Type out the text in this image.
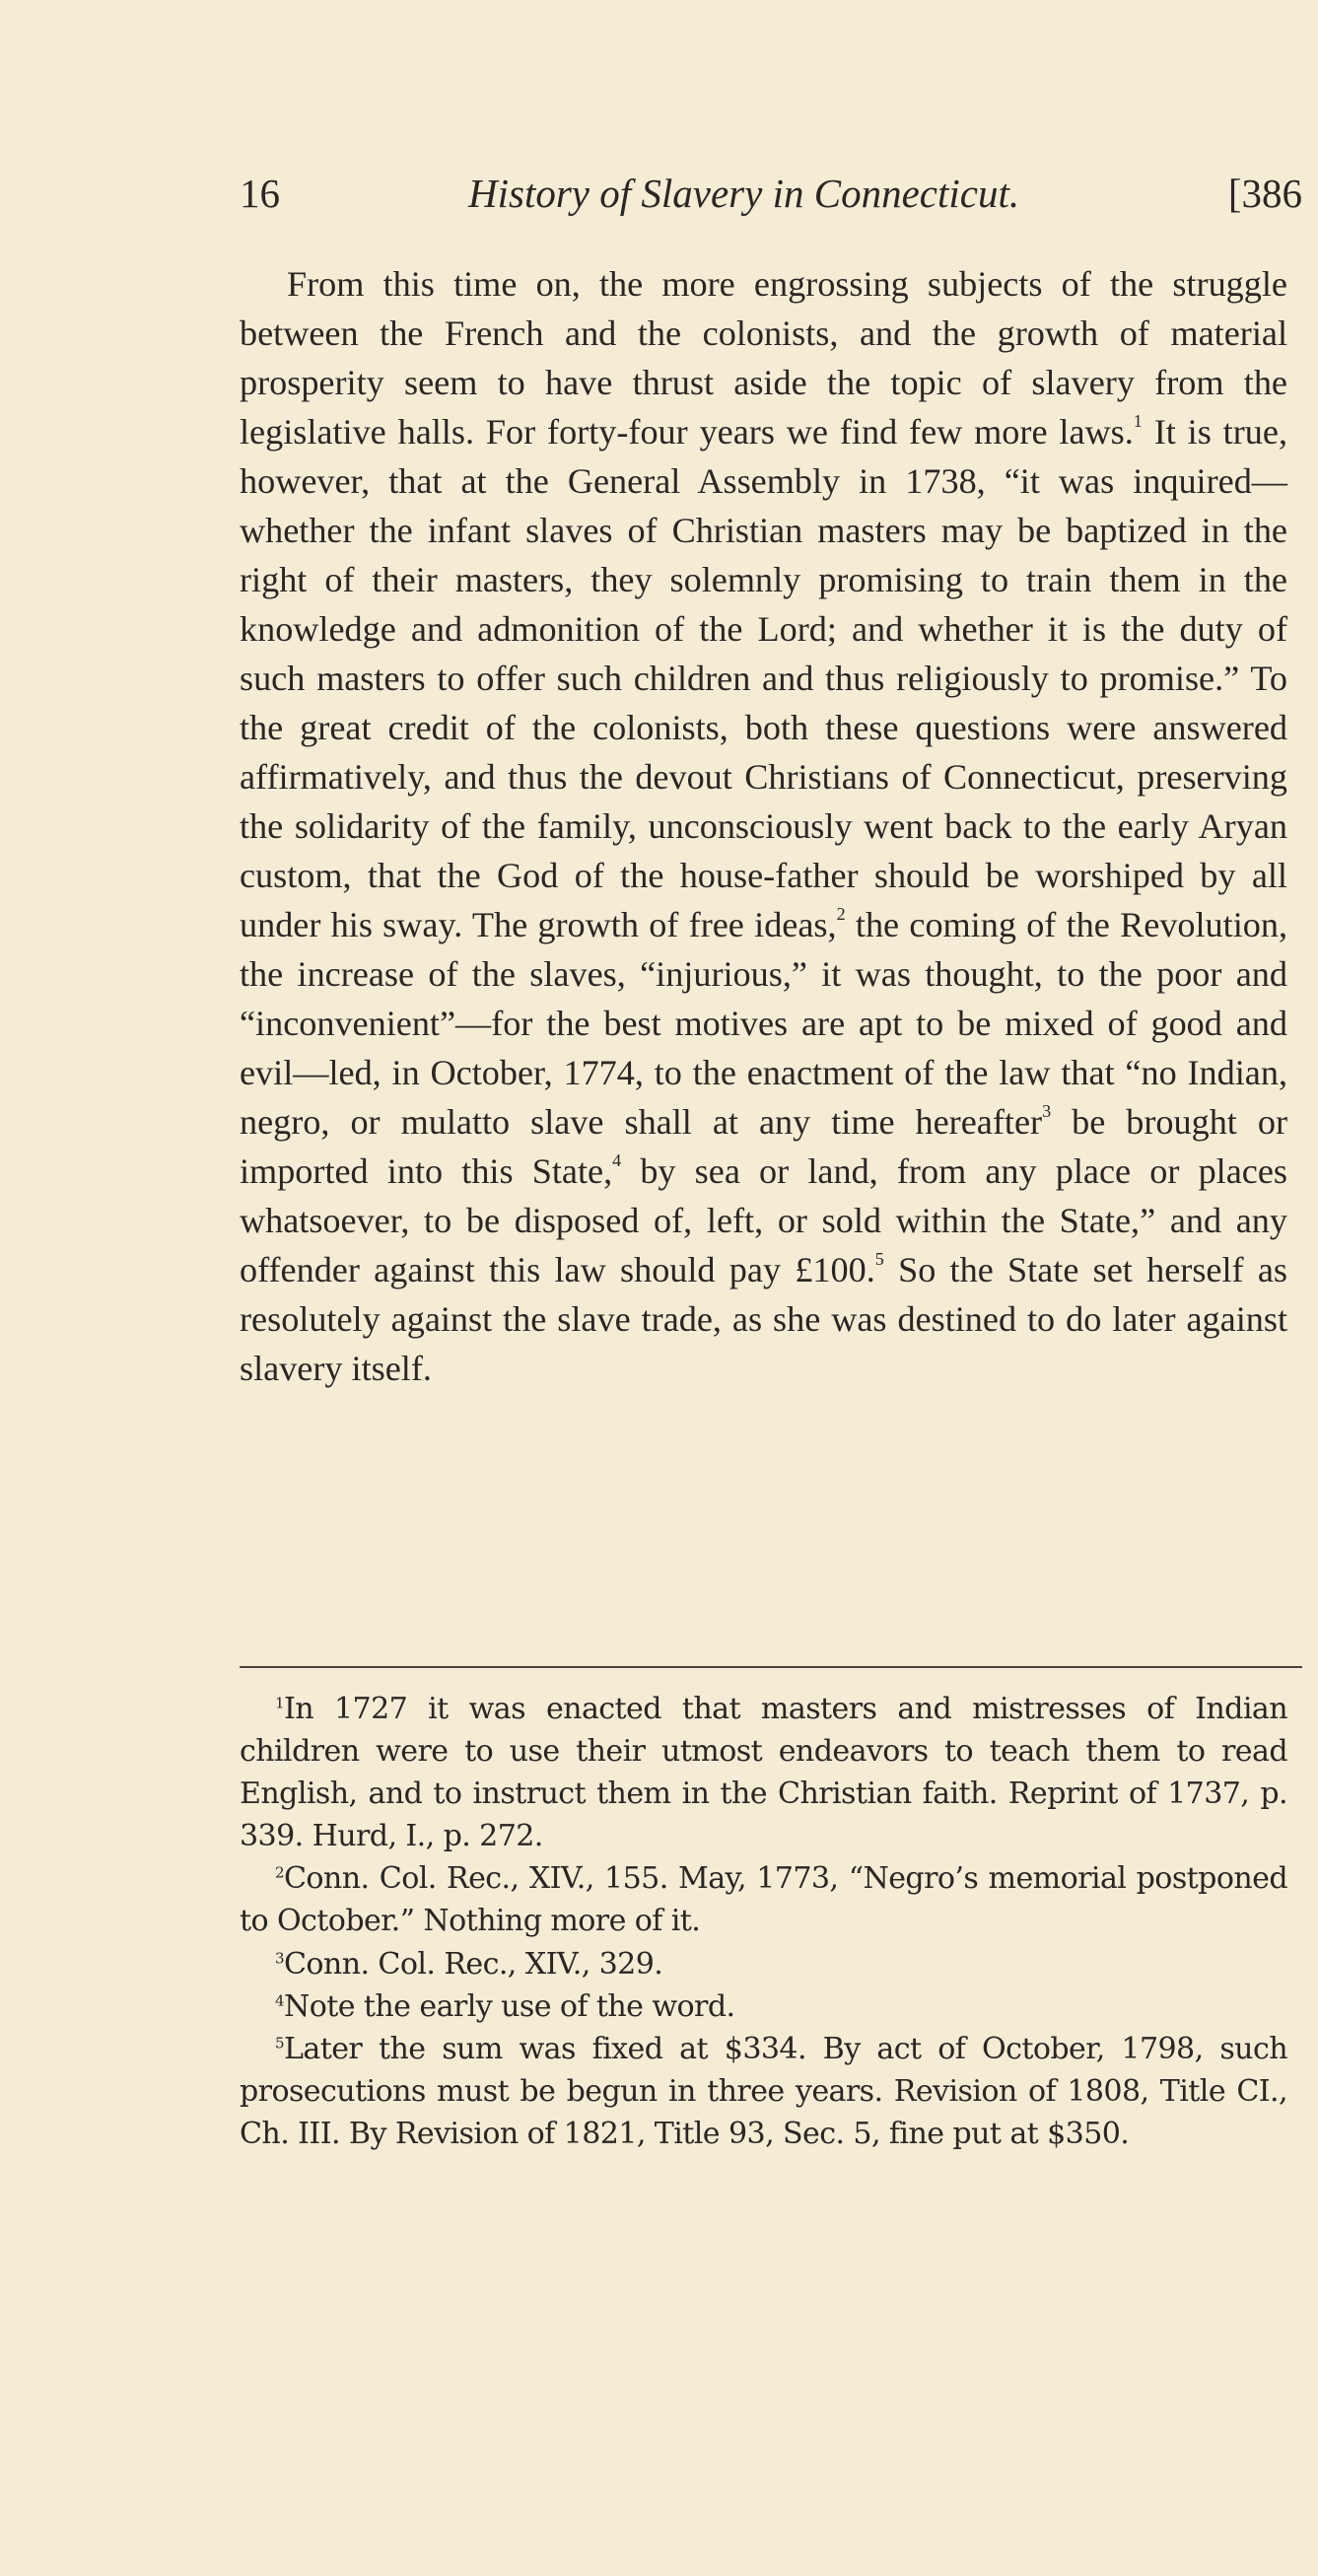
16	History of Slavery in Connecticut.	[386

From this time on, the more engrossing subjects of the struggle between the French and the colonists, and the growth of material prosperity seem to have thrust aside the topic of slavery from the legislative halls. For forty-four years we find few more laws.$^1$ It is true, however, that at the General Assembly in 1738, “it was inquired—whether the infant slaves of Christian masters may be baptized in the right of their masters, they solemnly promising to train them in the knowledge and admonition of the Lord; and whether it is the duty of such masters to offer such children and thus religiously to promise.” To the great credit of the colonists, both these questions were answered affirmatively, and thus the devout Christians of Connecticut, preserving the solidarity of the family, unconsciously went back to the early Aryan custom, that the God of the house-father should be worshiped by all under his sway. The growth of free ideas,$^2$ the coming of the Revolution, the increase of the slaves, “injurious,” it was thought, to the poor and “inconvenient”—for the best motives are apt to be mixed of good and evil—led, in October, 1774, to the enactment of the law that “no Indian, negro, or mulatto slave shall at any time hereafter$^3$ be brought or imported into this State,$^4$ by sea or land, from any place or places whatsoever, to be disposed of, left, or sold within the State,” and any offender against this law should pay £100.$^5$ So the State set herself as resolutely against the slave trade, as she was destined to do later against slavery itself.

$^1$In 1727 it was enacted that masters and mistresses of Indian children were to use their utmost endeavors to teach them to read English, and to instruct them in the Christian faith. Reprint of 1737, p. 339. Hurd, I., p. 272.

$^2$Conn. Col. Rec., XIV., 155. May, 1773, “Negro’s memorial postponed to October.” Nothing more of it.

$^3$Conn. Col. Rec., XIV., 329.

$^4$Note the early use of the word.

$^5$Later the sum was fixed at $334. By act of October, 1798, such prosecutions must be begun in three years. Revision of 1808, Title CI., Ch. III. By Revision of 1821, Title 93, Sec. 5, fine put at $350.
